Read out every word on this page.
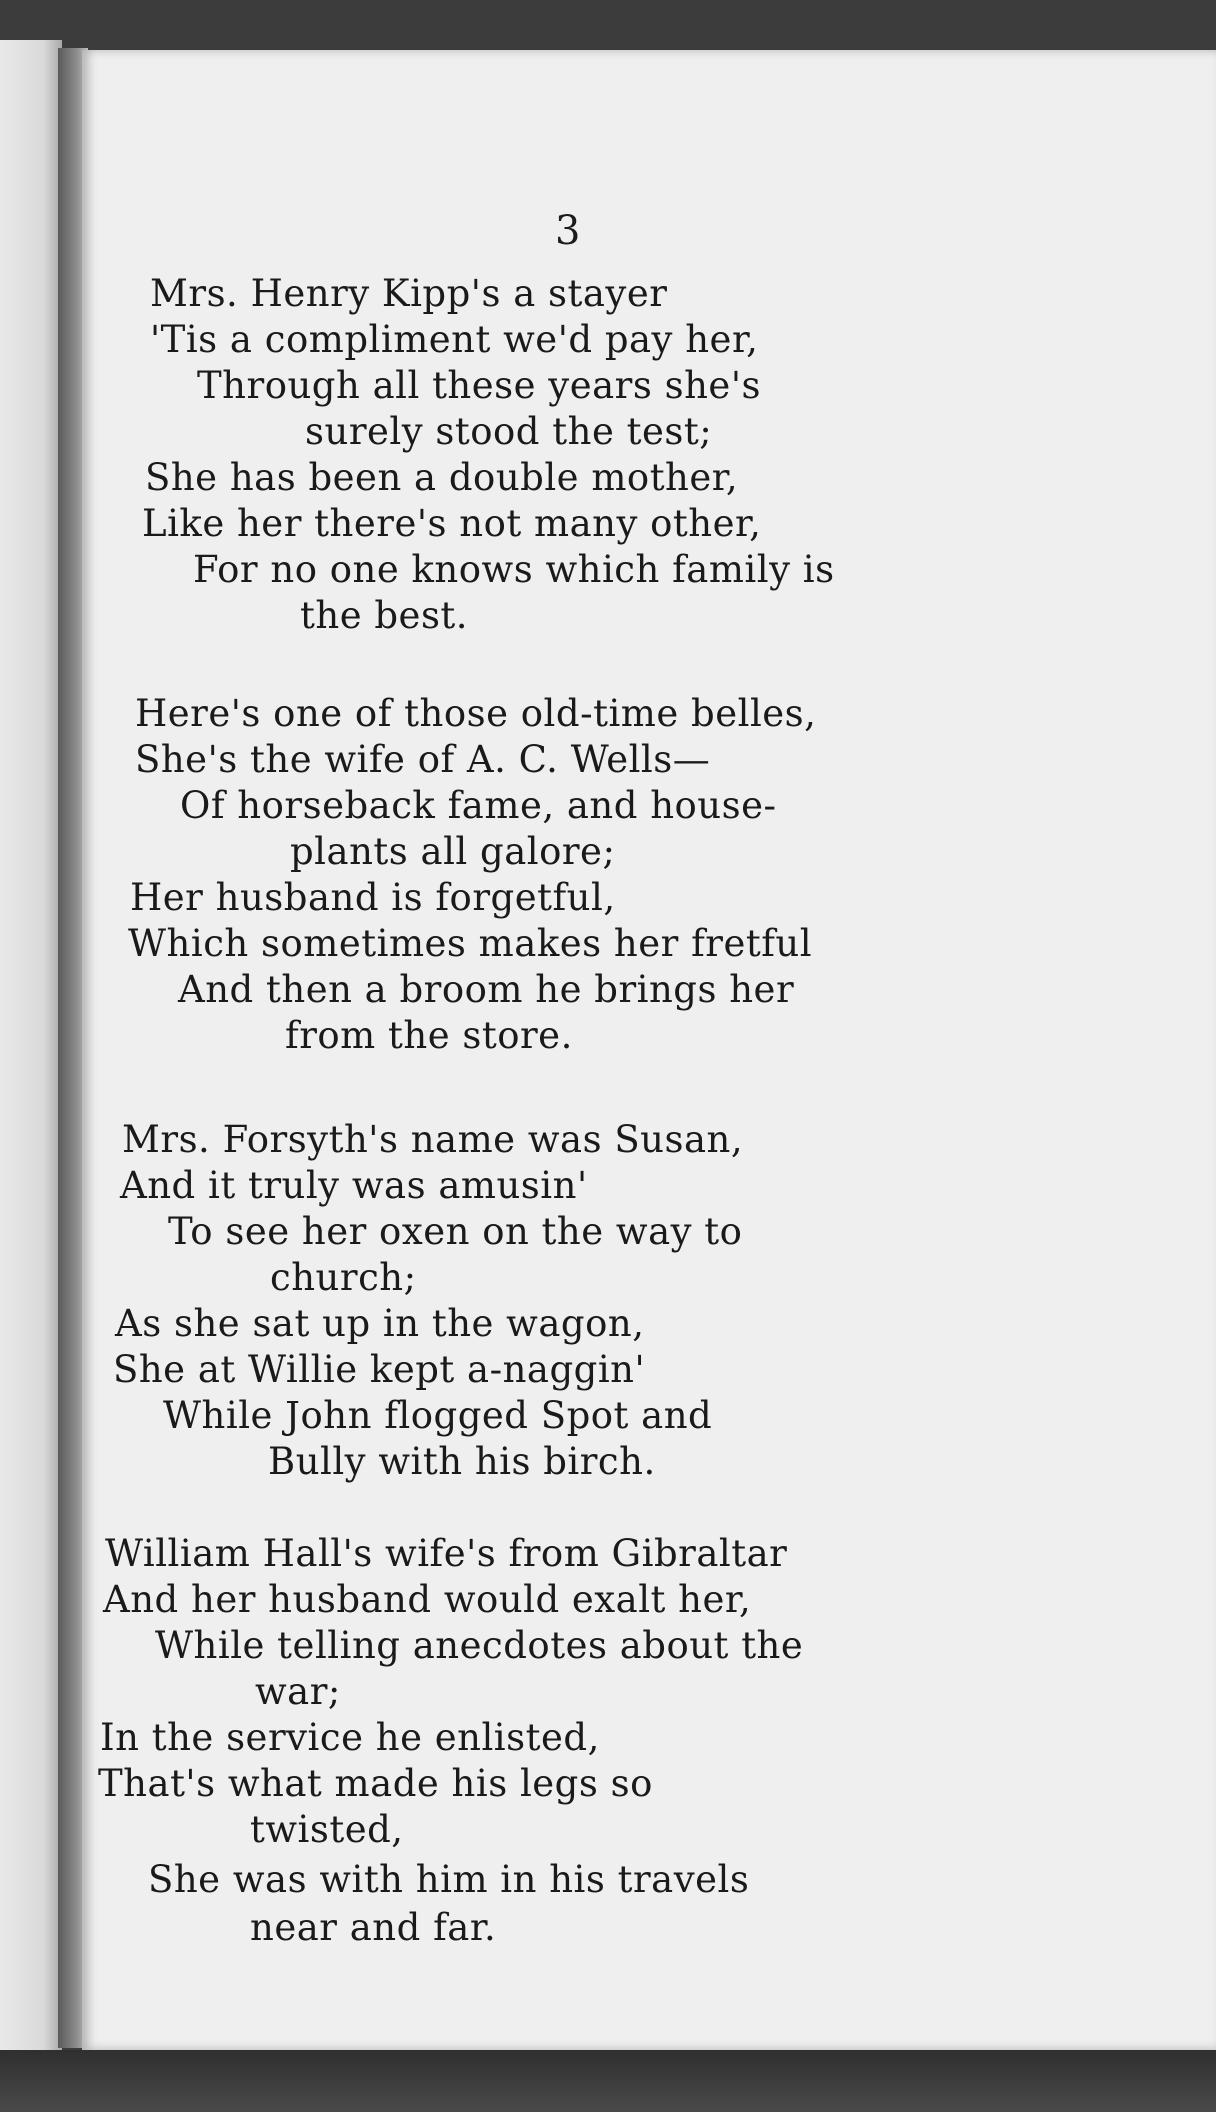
3
Mrs. Henry Kipp's a stayer
'Tis a compliment we'd pay her,
Through all these years she's
surely stood the test;
She has been a double mother,
Like her there's not many other,
For no one knows which family is
the best.
Here's one of those old-time belles,
She's the wife of A. C. Wells—
Of horseback fame, and house-
plants all galore;
Her husband is forgetful,
Which sometimes makes her fretful
And then a broom he brings her
from the store.
Mrs. Forsyth's name was Susan,
And it truly was amusin'
To see her oxen on the way to
church;
As she sat up in the wagon,
She at Willie kept a-naggin'
While John flogged Spot and
Bully with his birch.
William Hall's wife's from Gibraltar
And her husband would exalt her,
While telling anecdotes about the
war;
In the service he enlisted,
That's what made his legs so
twisted,
She was with him in his travels
near and far.
